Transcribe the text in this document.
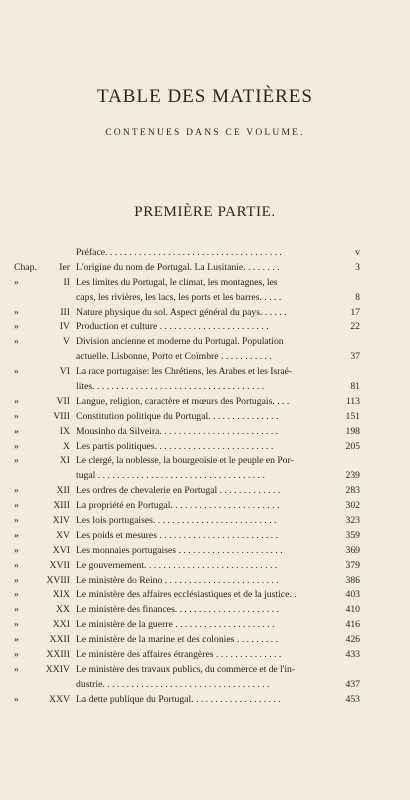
TABLE DES MATIÈRES
CONTENUES DANS CE VOLUME.
PREMIÈRE PARTIE.
Préface. . . . . . . . . . . . . . . . . . . . . . . . . . . . . . . . . . . . .	v
Chap.	Ier L'origine du nom de Portugal. La Lusitanie. . . . . . . .	3
»	II Les limites du Portugal, le climat, les montagnes, les
caps, les rivières, les lacs, les ports et les barres. . . . .	8
»	III Nature physique du sol. Aspect général du pays. . . . . .	17
»	IV Production et culture . . . . . . . . . . . . . . . . . . . . . . .	22
»	V Division ancienne et moderne du Portugal. Population
actuelle. Lisbonne, Porto et Coïmbre . . . . . . . . . . .	37
»	VI La race portugaise: les Chrétiens, les Arabes et les Israé-
lites. . . . . . . . . . . . . . . . . . . . . . . . . . . . . . . . . . . .	81
»	VII Langue, religion, caractère et mœurs des Portugais. . . .	113
»	VIII Constitution politique du Portugal. . . . . . . . . . . . . . .	151
»	IX Mousinho da Silveira. . . . . . . . . . . . . . . . . . . . . . . . .	198
»	X Les partis politiques. . . . . . . . . . . . . . . . . . . . . . . . .	205
»	XI Le clergé, la noblesse, la bourgeoisie et le peuple en Por-
tugal . . . . . . . . . . . . . . . . . . . . . . . . . . . . . . . . . . .	239
»	XII Les ordres de chevalerie en Portugal . . . . . . . . . . . . .	283
»	XIII La propriété en Portugal. . . . . . . . . . . . . . . . . . . . . . .	302
»	XIV Les lois portugaises. . . . . . . . . . . . . . . . . . . . . . . . . .	323
»	XV Les poids et mesures . . . . . . . . . . . . . . . . . . . . . . . . .	359
»	XVI Les monnaies portugaises . . . . . . . . . . . . . . . . . . . . . .	369
»	XVII Le gouvernement. . . . . . . . . . . . . . . . . . . . . . . . . . . .	379
»	XVIII Le ministère do Reino . . . . . . . . . . . . . . . . . . . . . . . .	386
»	XIX Le ministère des affaires ecclésiastiques et de la justice. .	403
»	XX Le ministère des finances. . . . . . . . . . . . . . . . . . . . . .	410
»	XXI Le ministère de la guerre . . . . . . . . . . . . . . . . . . . . .	416
»	XXII Le ministère de la marine et des colonies . . . . . . . . .	426
»	XXIII Le ministère des affaires étrangères . . . . . . . . . . . . . .	433
»	XXIV Le ministère des travaux publics, du commerce et de l'in-
dustrie. . . . . . . . . . . . . . . . . . . . . . . . . . . . . . . . . . .	437
»	XXV La dette publique du Portugal. . . . . . . . . . . . . . . . . . .	453
